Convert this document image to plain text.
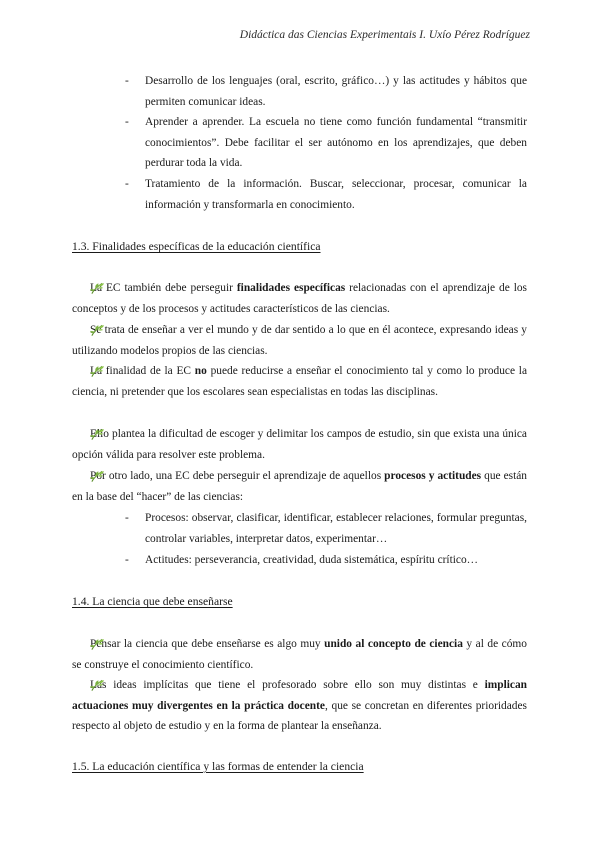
Didáctica das Ciencias Experimentais I. Uxío Pérez Rodríguez
- Desarrollo de los lenguajes (oral, escrito, gráfico…) y las actitudes y hábitos que permiten comunicar ideas.
- Aprender a aprender. La escuela no tiene como función fundamental “transmitir conocimientos”. Debe facilitar el ser autónomo en los aprendizajes, que deben perdurar toda la vida.
- Tratamiento de la información. Buscar, seleccionar, procesar, comunicar la información y transformarla en conocimiento.
1.3. Finalidades específicas de la educación científica
La EC también debe perseguir finalidades específicas relacionadas con el aprendizaje de los conceptos y de los procesos y actitudes característicos de las ciencias.
Se trata de enseñar a ver el mundo y de dar sentido a lo que en él acontece, expresando ideas y utilizando modelos propios de las ciencias.
La finalidad de la EC no puede reducirse a enseñar el conocimiento tal y como lo produce la ciencia, ni pretender que los escolares sean especialistas en todas las disciplinas.
Ello plantea la dificultad de escoger y delimitar los campos de estudio, sin que exista una única opción válida para resolver este problema.
Por otro lado, una EC debe perseguir el aprendizaje de aquellos procesos y actitudes que están en la base del “hacer” de las ciencias:
- Procesos: observar, clasificar, identificar, establecer relaciones, formular preguntas, controlar variables, interpretar datos, experimentar…
- Actitudes: perseverancia, creatividad, duda sistemática, espíritu crítico…
1.4. La ciencia que debe enseñarse
Pensar la ciencia que debe enseñarse es algo muy unido al concepto de ciencia y al de cómo se construye el conocimiento científico.
Las ideas implícitas que tiene el profesorado sobre ello son muy distintas e implican actuaciones muy divergentes en la práctica docente, que se concretan en diferentes prioridades respecto al objeto de estudio y en la forma de plantear la enseñanza.
1.5. La educación científica y las formas de entender la ciencia
